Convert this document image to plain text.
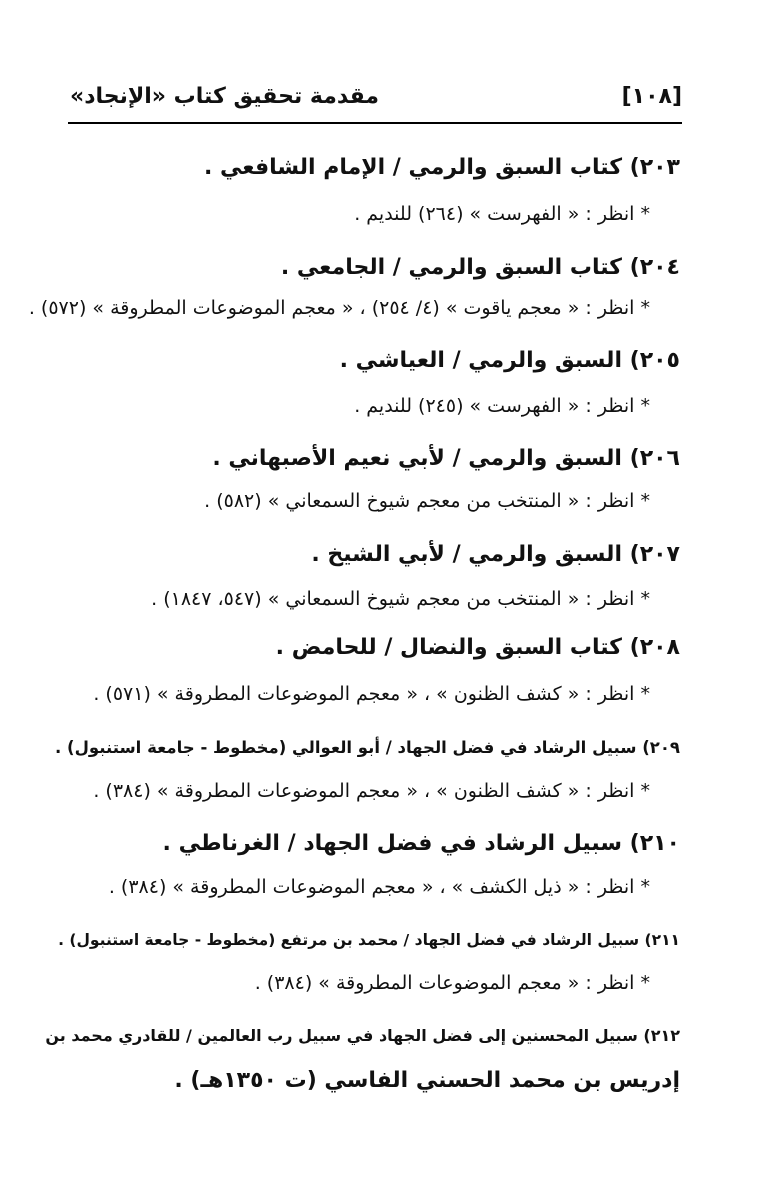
[١٠٨]
مقدمة تحقيق كتاب «الإنجاد»
٢٠٣) كتاب السبق والرمي / الإمام الشافعي .
* انظر : « الفهرست » (٢٦٤) للنديم .
٢٠٤) كتاب السبق والرمي / الجامعي .
* انظر : « معجم ياقوت » (٤/ ٢٥٤) ، « معجم الموضوعات المطروقة » (٥٧٢) .
٢٠٥) السبق والرمي / العياشي .
* انظر : « الفهرست » (٢٤٥) للنديم .
٢٠٦) السبق والرمي / لأبي نعيم الأصبهاني .
* انظر : « المنتخب من معجم شيوخ السمعاني » (٥٨٢) .
٢٠٧) السبق والرمي / لأبي الشيخ .
* انظر : « المنتخب من معجم شيوخ السمعاني » (٥٤٧، ١٨٤٧) .
٢٠٨) كتاب السبق والنضال / للحامض .
* انظر : « كشف الظنون » ، « معجم الموضوعات المطروقة » (٥٧١) .
٢٠٩) سبيل الرشاد في فضل الجهاد / أبو العوالي (مخطوط - جامعة استنبول) .
* انظر : « كشف الظنون » ، « معجم الموضوعات المطروقة » (٣٨٤) .
٢١٠) سبيل الرشاد في فضل الجهاد / الغرناطي .
* انظر : « ذيل الكشف » ، « معجم الموضوعات المطروقة » (٣٨٤) .
٢١١) سبيل الرشاد في فضل الجهاد / محمد بن مرتفع (مخطوط - جامعة استنبول) .
* انظر : « معجم الموضوعات المطروقة » (٣٨٤) .
٢١٢) سبيل المحسنين إلى فضل الجهاد في سبيل رب العالمين / للقادري محمد بن
إدريس بن محمد الحسني الفاسي (ت ١٣٥٠هـ) .
